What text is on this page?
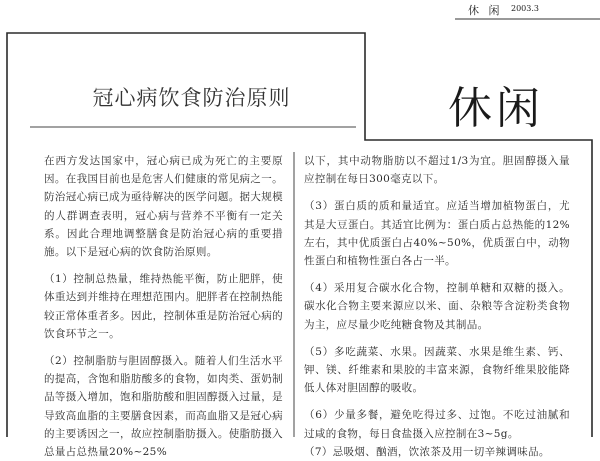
休 闲 2003.3
冠心病饮食防治原则	休闲

在西方发达国家中，冠心病已成为死亡的主要原因。在我国目前也是危害人们健康的常见病之一。防治冠心病已成为亟待解决的医学问题。据大规模的人群调查表明，冠心病与营养不平衡有一定关系。因此合理地调整膳食是防治冠心病的重要措施。以下是冠心病的饮食防治原则。

（1）控制总热量，维持热能平衡，防止肥胖，使体重达到并维持在理想范围内。肥胖者在控制热能较正常体重者多。因此，控制体重是防治冠心病的饮食环节之一。

（2）控制脂肪与胆固醇摄入。随着人们生活水平的提高，含饱和脂肪酸多的食物，如肉类、蛋奶制品等摄入增加，饱和脂肪酸和胆固醇摄入过量，是导致高血脂的主要膳食因素，而高血脂又是冠心病的主要诱因之一，故应控制脂肪摄入。使脂肪摄入总量占总热量20%~25%

以下，其中动物脂肪以不超过1/3为宜。胆固醇摄入量应控制在每日300毫克以下。

（3）蛋白质的质和量适宜。应适当增加植物蛋白，尤其是大豆蛋白。其适宜比例为：蛋白质占总热能的12%左右，其中优质蛋白占40%~50%，优质蛋白中，动物性蛋白和植物性蛋白各占一半。

（4）采用复合碳水化合物，控制单糖和双糖的摄入。碳水化合物主要来源应以米、面、杂粮等含淀粉类食物为主，应尽量少吃纯糖食物及其制品。

（5）多吃蔬菜、水果。因蔬菜、水果是维生素、钙、钾、镁、纤维素和果胶的丰富来源，食物纤维果胶能降低人体对胆固醇的吸收。

（6）少量多餐，避免吃得过多、过饱。不吃过油腻和过咸的食物，每日食盐摄入应控制在3~5g。

（7）忌吸烟、酗酒，饮浓茶及用一切辛辣调味品。
